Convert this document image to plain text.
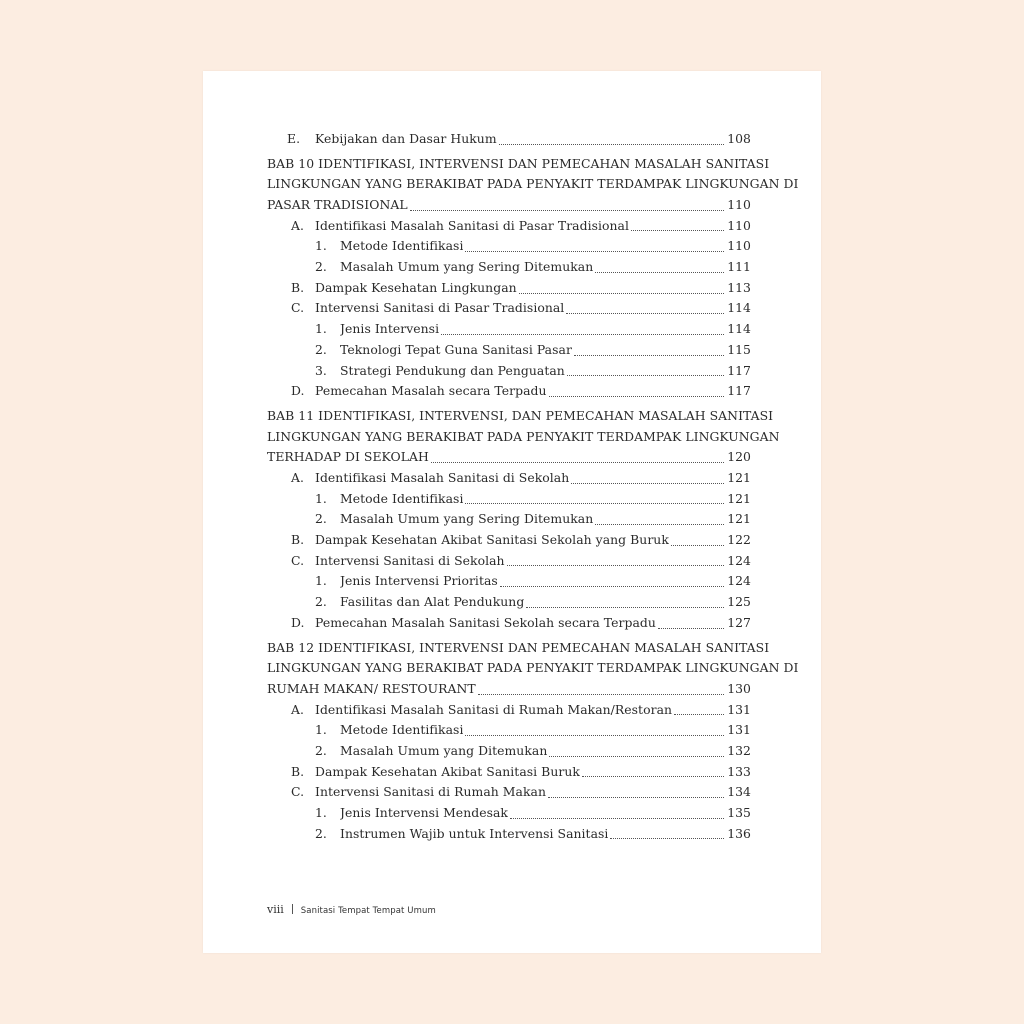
E.	Kebijakan dan Dasar Hukum	108
BAB 10 IDENTIFIKASI, INTERVENSI DAN PEMECAHAN MASALAH SANITASI
LINGKUNGAN YANG BERAKIBAT PADA PENYAKIT TERDAMPAK LINGKUNGAN DI
PASAR TRADISIONAL	110
A. Identifikasi Masalah Sanitasi di Pasar Tradisional	110
1.	Metode Identifikasi	110
2.	Masalah Umum yang Sering Ditemukan	111
B. Dampak Kesehatan Lingkungan	113
C. Intervensi Sanitasi di Pasar Tradisional	114
1.	Jenis Intervensi	114
2.	Teknologi Tepat Guna Sanitasi Pasar	115
3.	Strategi Pendukung dan Penguatan	117
D. Pemecahan Masalah secara Terpadu	117
BAB 11 IDENTIFIKASI, INTERVENSI, DAN PEMECAHAN MASALAH SANITASI
LINGKUNGAN YANG BERAKIBAT PADA PENYAKIT TERDAMPAK LINGKUNGAN
TERHADAP DI SEKOLAH	120
A. Identifikasi Masalah Sanitasi di Sekolah	121
1.	Metode Identifikasi	121
2.	Masalah Umum yang Sering Ditemukan	121
B. Dampak Kesehatan Akibat Sanitasi Sekolah yang Buruk	122
C. Intervensi Sanitasi di Sekolah	124
1.	Jenis Intervensi Prioritas	124
2.	Fasilitas dan Alat Pendukung	125
D. Pemecahan Masalah Sanitasi Sekolah secara Terpadu	127
BAB 12 IDENTIFIKASI, INTERVENSI DAN PEMECAHAN MASALAH SANITASI
LINGKUNGAN YANG BERAKIBAT PADA PENYAKIT TERDAMPAK LINGKUNGAN DI
RUMAH MAKAN/ RESTOURANT	130
A. Identifikasi Masalah Sanitasi di Rumah Makan/Restoran	131
1.	Metode Identifikasi	131
2.	Masalah Umum yang Ditemukan	132
B. Dampak Kesehatan Akibat Sanitasi Buruk	133
C. Intervensi Sanitasi di Rumah Makan	134
1.	Jenis Intervensi Mendesak	135
2.	Instrumen Wajib untuk Intervensi Sanitasi	136
viii Sanitasi Tempat Tempat Umum
